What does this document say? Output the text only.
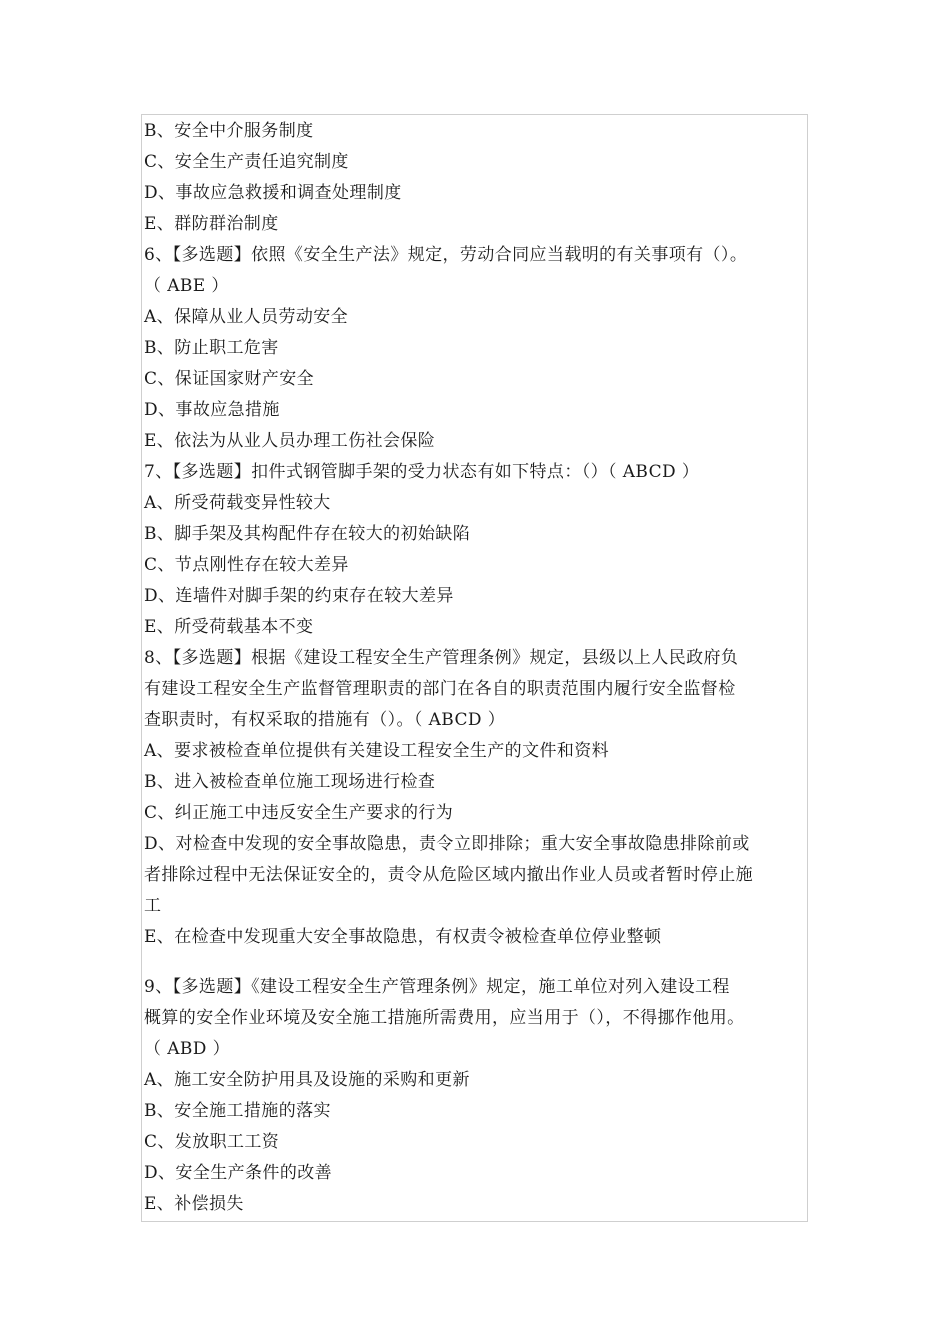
B、安全中介服务制度
C、安全生产责任追究制度
D、事故应急救援和调查处理制度
E、群防群治制度
6、【多选题】依照《安全生产法》规定，劳动合同应当载明的有关事项有（）。
（ ABE ）
A、保障从业人员劳动安全
B、防止职工危害
C、保证国家财产安全
D、事故应急措施
E、依法为从业人员办理工伤社会保险
7、【多选题】扣件式钢管脚手架的受力状态有如下特点：（）（ ABCD ）
A、所受荷载变异性较大
B、脚手架及其构配件存在较大的初始缺陷
C、节点刚性存在较大差异
D、连墙件对脚手架的约束存在较大差异
E、所受荷载基本不变
8、【多选题】根据《建设工程安全生产管理条例》规定，县级以上人民政府负
有建设工程安全生产监督管理职责的部门在各自的职责范围内履行安全监督检
查职责时，有权采取的措施有（）。（ ABCD ）
A、要求被检查单位提供有关建设工程安全生产的文件和资料
B、进入被检查单位施工现场进行检查
C、纠正施工中违反安全生产要求的行为
D、对检查中发现的安全事故隐患，责令立即排除；重大安全事故隐患排除前或
者排除过程中无法保证安全的，责令从危险区域内撤出作业人员或者暂时停止施
工
E、在检查中发现重大安全事故隐患，有权责令被检查单位停业整顿
9、【多选题】《建设工程安全生产管理条例》规定，施工单位对列入建设工程
概算的安全作业环境及安全施工措施所需费用，应当用于（），不得挪作他用。
（ ABD ）
A、施工安全防护用具及设施的采购和更新
B、安全施工措施的落实
C、发放职工工资
D、安全生产条件的改善
E、补偿损失
